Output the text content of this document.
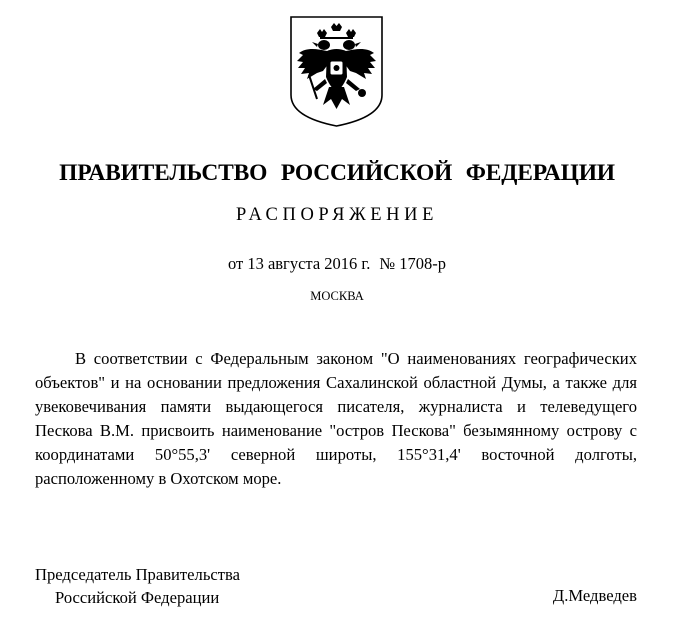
ПРАВИТЕЛЬСТВО РОССИЙСКОЙ ФЕДЕРАЦИИ
РАСПОРЯЖЕНИЕ
от 13 августа 2016 г. № 1708-р
МОСКВА
В соответствии с Федеральным законом "О наименованиях географических объектов" и на основании предложения Сахалинской областной Думы, а также для увековечивания памяти выдающегося писателя, журналиста и телеведущего Пескова В.М. присвоить наименование "остров Пескова" безымянному острову с координатами 50°55,3' северной широты, 155°31,4' восточной долготы, расположенному в Охотском море.
Председатель Правительства
Российской Федерации	Д.Медведев
